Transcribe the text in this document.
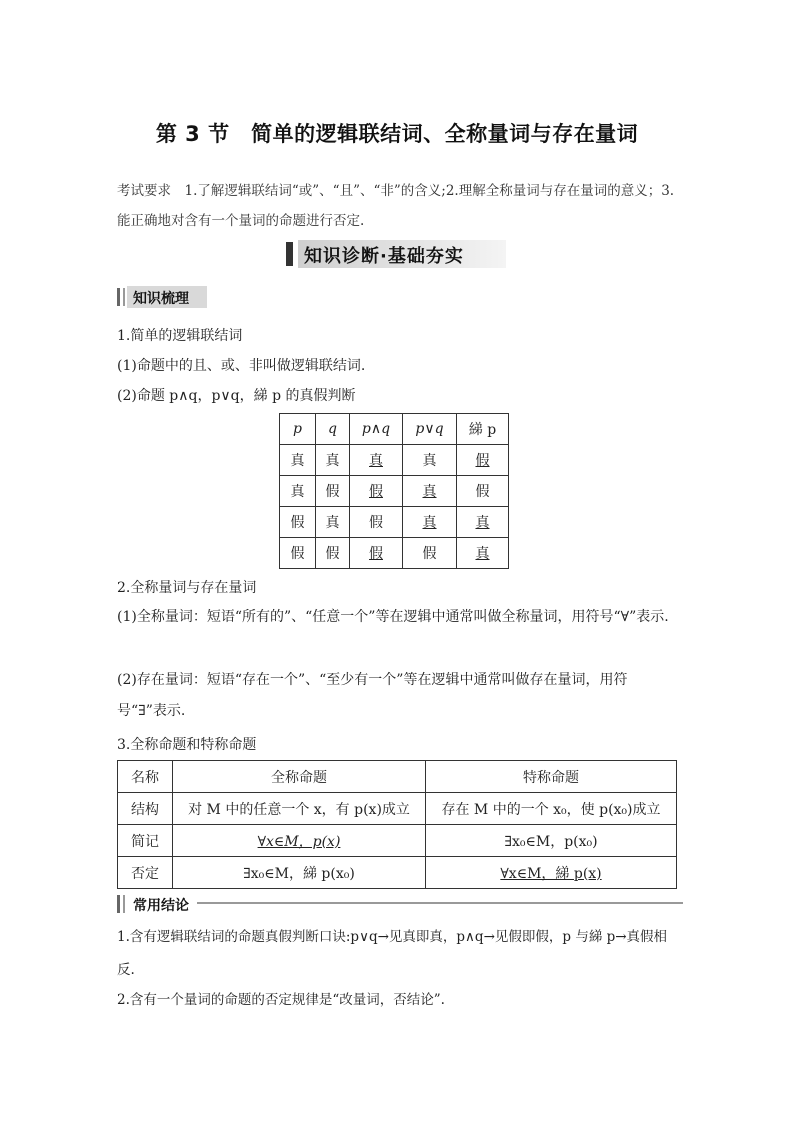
第 3 节　简单的逻辑联结词、全称量词与存在量词
考试要求　1.了解逻辑联结词“或”、“且”、“非”的含义;2.理解全称量词与存在量词的意义；3.能正确地对含有一个量词的命题进行否定.
知识诊断·基础夯实
知识梳理
1.简单的逻辑联结词
(1)命题中的且、或、非叫做逻辑联结词.
(2)命题 p∧q，p∨q，綈 p 的真假判断
p	q	p∧q	p∨q	綈 p
真	真	真	真	假
真	假	假	真	假
假	真	假	真	真
假	假	假	假	真
2.全称量词与存在量词
(1)全称量词：短语“所有的”、“任意一个”等在逻辑中通常叫做全称量词，用符号“∀”表示.
(2)存在量词：短语“存在一个”、“至少有一个”等在逻辑中通常叫做存在量词，用符号“∃”表示.
3.全称命题和特称命题
名称	全称命题	特称命题
结构	对 M 中的任意一个 x，有 p(x)成立	存在 M 中的一个 x₀，使 p(x₀)成立
简记	∀x∈M，p(x)	∃x₀∈M，p(x₀)
否定	∃x₀∈M，綈 p(x₀)	∀x∈M，綈 p(x)
常用结论
1.含有逻辑联结词的命题真假判断口诀:p∨q→见真即真，p∧q→见假即假，p 与綈 p→真假相反.
2.含有一个量词的命题的否定规律是“改量词，否结论”.
